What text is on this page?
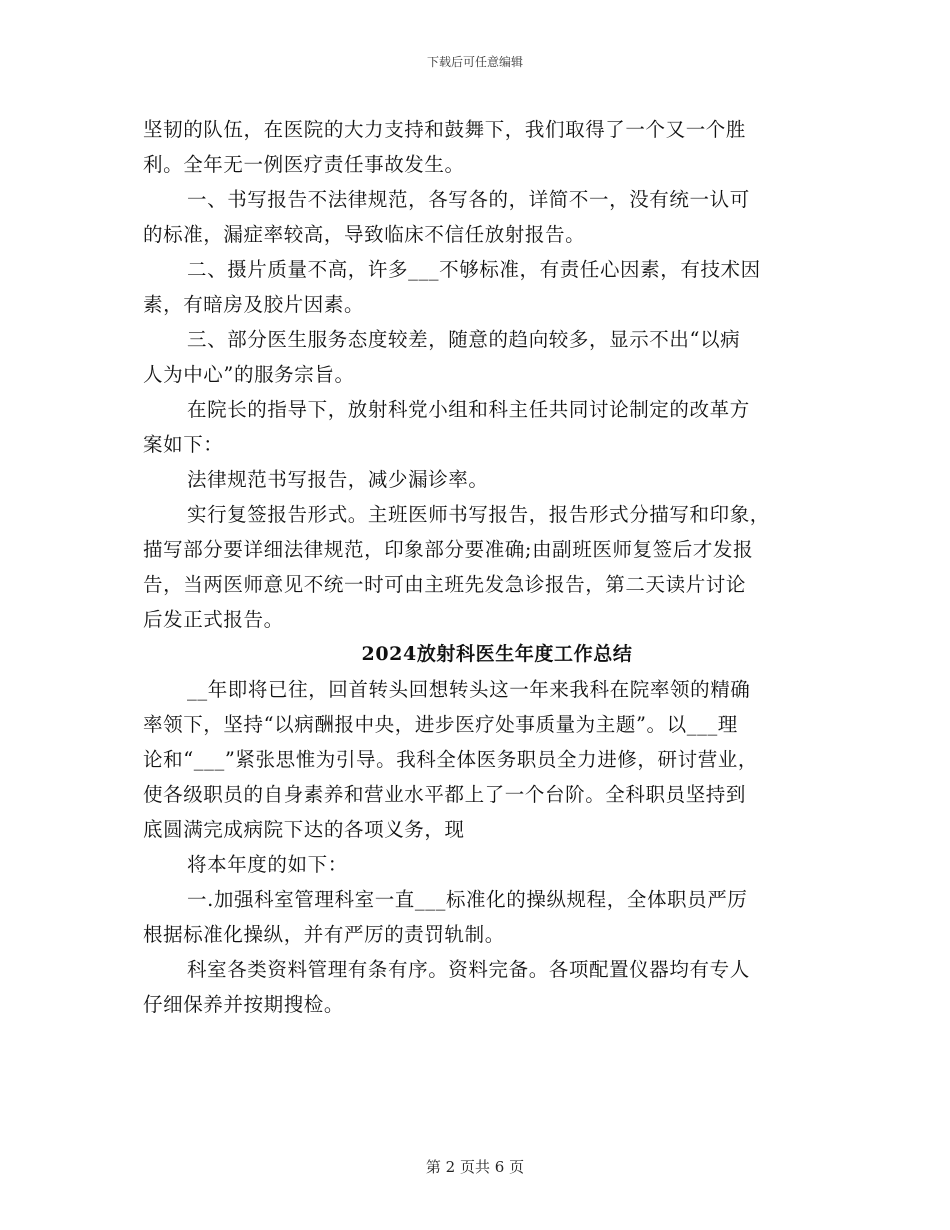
下载后可任意编辑
坚韧的队伍，在医院的大力支持和鼓舞下，我们取得了一个又一个胜
利。全年无一例医疗责任事故发生。
一、书写报告不法律规范，各写各的，详简不一，没有统一认可
的标准，漏症率较高，导致临床不信任放射报告。
二、摄片质量不高，许多___不够标准，有责任心因素，有技术因
素，有暗房及胶片因素。
三、部分医生服务态度较差，随意的趋向较多，显示不出“以病
人为中心”的服务宗旨。
在院长的指导下，放射科党小组和科主任共同讨论制定的改革方
案如下：
法律规范书写报告，减少漏诊率。
实行复签报告形式。主班医师书写报告，报告形式分描写和印象，
描写部分要详细法律规范，印象部分要准确;由副班医师复签后才发报
告，当两医师意见不统一时可由主班先发急诊报告，第二天读片讨论
后发正式报告。
2024放射科医生年度工作总结
__年即将已往，回首转头回想转头这一年来我科在院率领的精确
率领下，坚持“以病酬报中央，进步医疗处事质量为主题”。以___理
论和“___”紧张思惟为引导。我科全体医务职员全力进修，研讨营业，
使各级职员的自身素养和营业水平都上了一个台阶。全科职员坚持到
底圆满完成病院下达的各项义务，现
将本年度的如下：
一.加强科室管理科室一直___标准化的操纵规程，全体职员严厉
根据标准化操纵，并有严厉的责罚轨制。
科室各类资料管理有条有序。资料完备。各项配置仪器均有专人
仔细保养并按期搜检。
第 2 页共 6 页
